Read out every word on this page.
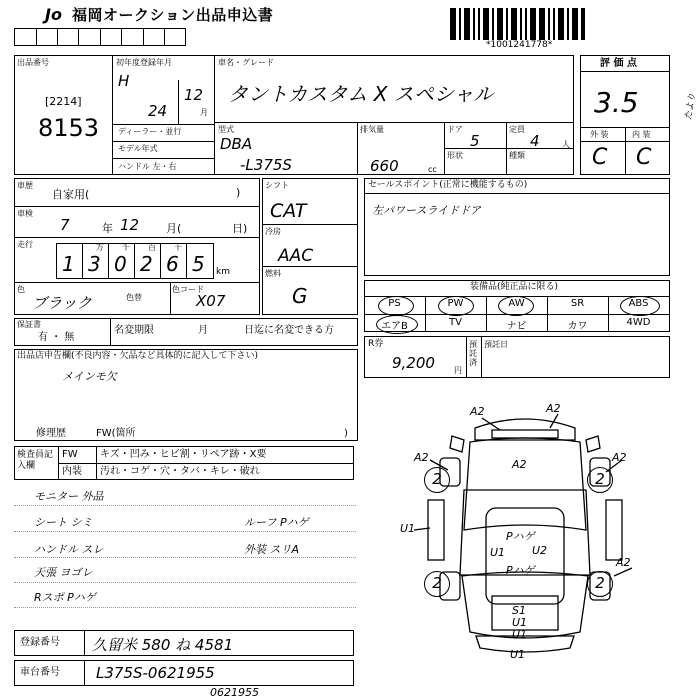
Jo 福岡オークション出品申込書
*1001241778*
出品番号
[2214]
8153
初年度登録年月
H
24
12
月
ディーラー・並行
モデル年式
ハンドル 左・右
車名・グレード
タントカスタム X スペシャル
型式
DBA
-L375S
排気量
660	cc
ドア
5
定員
4	人
形状	種類
評 価 点
3.5
外 装	内 装
C C
たより
車歴
自家用(	)
車検
7	年 12 月(	日)
走行	万 千 百 十
1 3 0 2 6 5 km
色
ブラック	色替
色コード
X07
シフト
CAT
冷房
AAC
燃料
G
セールスポイント(正常に機能するもの)
左パワースライドドア
装備品(純正品に限る)
PS	PW	AW	SR	ABS
エアB	TV	ナビ	カワ	4WD
保証書
有 ・ 無
名変期限	月	日迄に名変できる方
R券
9,200 円
預託済
預託日
出品店申告欄(不良内容・欠品など具体的に記入して下さい)
メインモ欠
修理歴	FW(箇所	)
検査員記入欄
FW キズ・凹み・ヒビ割・リペア跡・X要
内装 汚れ・コゲ・穴・タバ・キレ・破れ
モニター 外品
シート シミ	ルーフ Pハゲ
ハンドル スレ	外装 スリA
天張 ヨゴレ
Rスポ Pハゲ
登録番号 久留米 580 ね 4581
車台番号 L375S-0621955
0621955
A2	A2
A2
A2	A2
U1
Pハゲ
U1 U2
Pハゲ
A2
S1
U1
U1
U1
2	2
2	2
